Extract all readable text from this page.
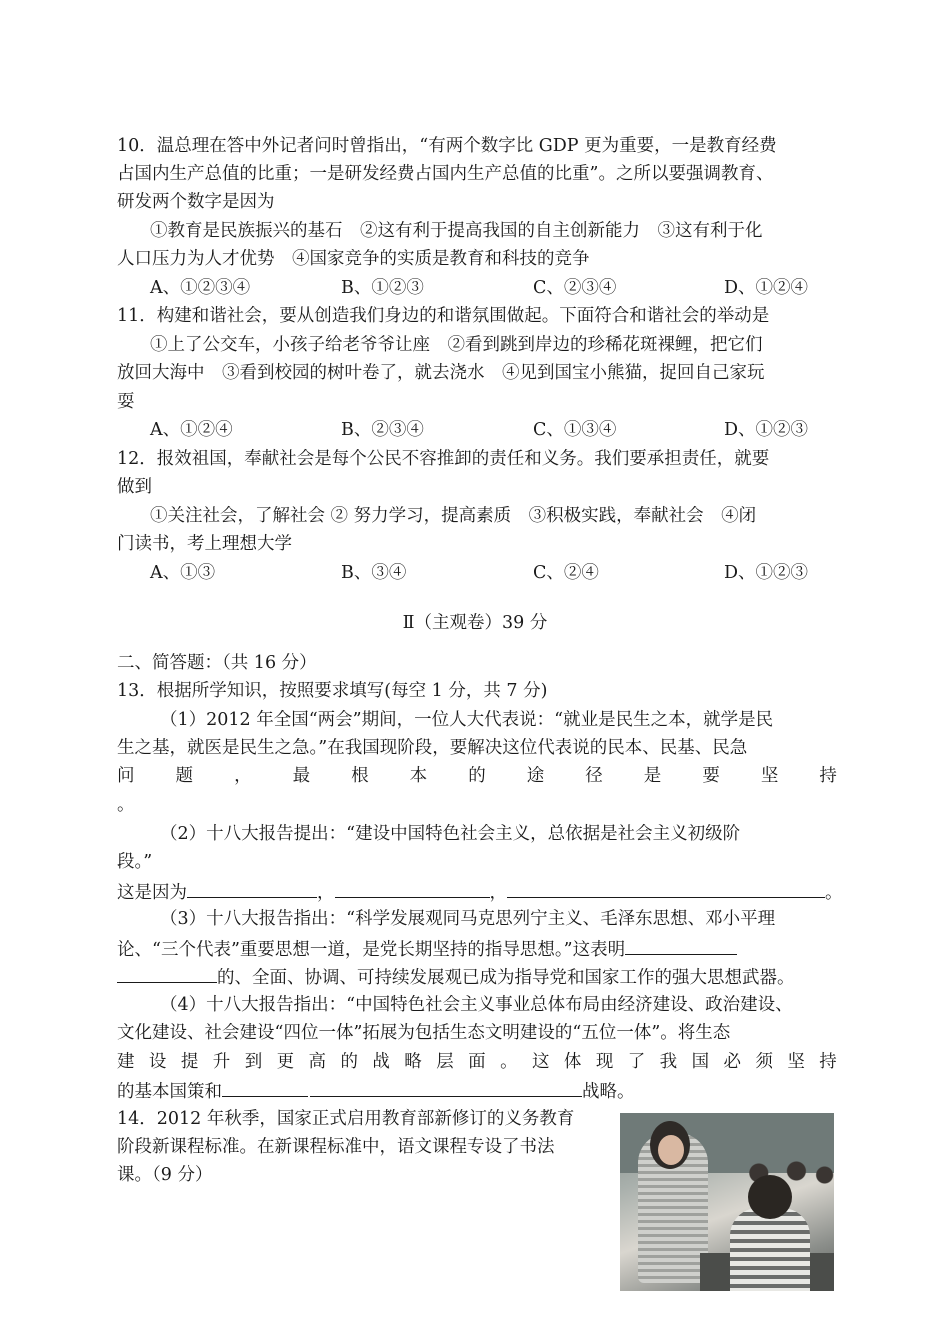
10．温总理在答中外记者问时曾指出，“有两个数字比 GDP 更为重要，一是教育经费
占国内生产总值的比重；一是研发经费占国内生产总值的比重”。之所以要强调教育、
研发两个数字是因为
①教育是民族振兴的基石　②这有利于提高我国的自主创新能力　③这有利于化
人口压力为人才优势　④国家竞争的实质是教育和科技的竞争
A、①②③④	B、①②③	C、②③④	D、①②④
11．构建和谐社会，要从创造我们身边的和谐氛围做起。下面符合和谐社会的举动是
①上了公交车，小孩子给老爷爷让座　②看到跳到岸边的珍稀花斑裸鲤，把它们
放回大海中　③看到校园的树叶卷了，就去浇水　④见到国宝小熊猫，捉回自己家玩
耍
A、①②④	B、②③④	C、①③④	D、①②③
12．报效祖国，奉献社会是每个公民不容推卸的责任和义务。我们要承担责任，就要
做到
①关注社会，了解社会 ② 努力学习，提高素质　③积极实践，奉献社会　④闭
门读书，考上理想大学
A、①③	B、③④	C、②④	D、①②③
Ⅱ（主观卷）39 分
二、简答题：（共 16 分）
13．根据所学知识，按照要求填写(每空 1 分，共 7 分)
（1）2012 年全国“两会”期间，一位人大代表说：“就业是民生之本，就学是民
生之基，就医是民生之急。”在我国现阶段，要解决这位代表说的民本、民基、民急
问 题 ， 最 根 本 的 途 径 是 要 坚 持
。
（2）十八大报告提出：“建设中国特色社会主义，总依据是社会主义初级阶
段。”
这是因为	，	，	。
（3）十八大报告指出：“科学发展观同马克思列宁主义、毛泽东思想、邓小平理
论、“三个代表”重要思想一道，是党长期坚持的指导思想。”这表明
的、全面、协调、可持续发展观已成为指导党和国家工作的强大思想武器。
（4）十八大报告指出：“中国特色社会主义事业总体布局由经济建设、政治建设、
文化建设、社会建设“四位一体”拓展为包括生态文明建设的“五位一体”。将生态
建 设 提 升 到 更 高 的 战 略 层 面 。 这 体 现 了 我 国 必 须 坚 持
的基本国策和	战略。
14．2012 年秋季，国家正式启用教育部新修订的义务教育
阶段新课程标准。在新课程标准中，语文课程专设了书法
课。（9 分）
